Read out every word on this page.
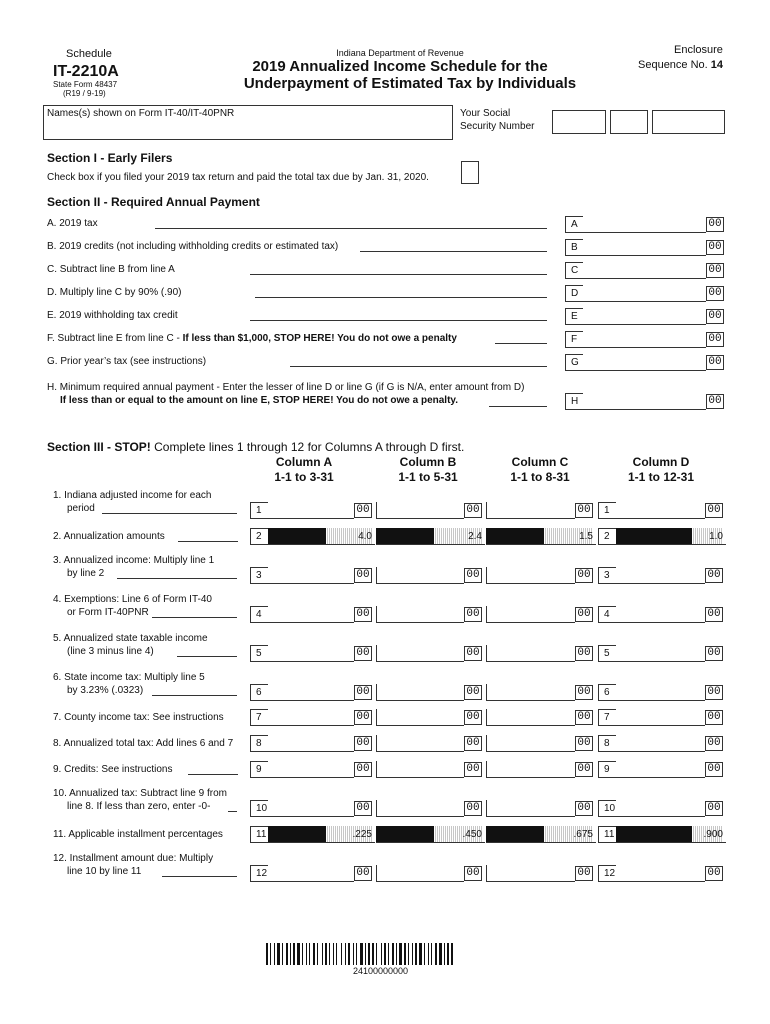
Schedule
IT-2210A
State Form 48437
(R19 / 9-19)
Indiana Department of Revenue
2019 Annualized Income Schedule for the
Underpayment of Estimated Tax by Individuals
Enclosure
Sequence No. 14
Names(s) shown on Form IT-40/IT-40PNR	Your Social
Security Number
Section I - Early Filers
Check box if you filed your 2019 tax return and paid the total tax due by Jan. 31, 2020.
Section II - Required Annual Payment
A. 2019 tax	A	00
B. 2019 credits (not including withholding credits or estimated tax)	B	00
C. Subtract line B from line A	C	00
D. Multiply line C by 90% (.90)	D	00
E. 2019 withholding tax credit	E	00
F. Subtract line E from line C - If less than $1,000, STOP HERE! You do not owe a penalty	F	00
G. Prior year’s tax (see instructions)	G	00
H. Minimum required annual payment - Enter the lesser of line D or line G (if G is N/A, enter amount from D)
If less than or equal to the amount on line E, STOP HERE! You do not owe a penalty.	H	00
Section III - STOP! Complete lines 1 through 12 for Columns A through D first.
Column A
1-1 to 3-31
Column B
1-1 to 5-31
Column C
1-1 to 8-31
Column D
1-1 to 12-31
1. Indiana adjusted income for each
period	1	00	00	00	1	00
2. Annualization amounts	2	4.0	2.4	1.5	2	1.0
3. Annualized income: Multiply line 1
by line 2	3	00	00	00	3	00
4. Exemptions: Line 6 of Form IT-40
or Form IT-40PNR	4	00	00	00	4	00
5. Annualized state taxable income
(line 3 minus line 4)	5	00	00	00	5	00
6. State income tax: Multiply line 5
by 3.23% (.0323)	6	00	00	00	6	00
7. County income tax: See instructions	7	00	00	00	7	00
8. Annualized total tax: Add lines 6 and 7	8	00	00	00	8	00
9. Credits: See instructions	9	00	00	00	9	00
10. Annualized tax: Subtract line 9 from
line 8. If less than zero, enter -0-	10	00	00	00	10	00
11. Applicable installment percentages	11	.225	.450	.675	11	.900
12. Installment amount due: Multiply
line 10 by line 11	12	00	00	00	12	00
24100000000
